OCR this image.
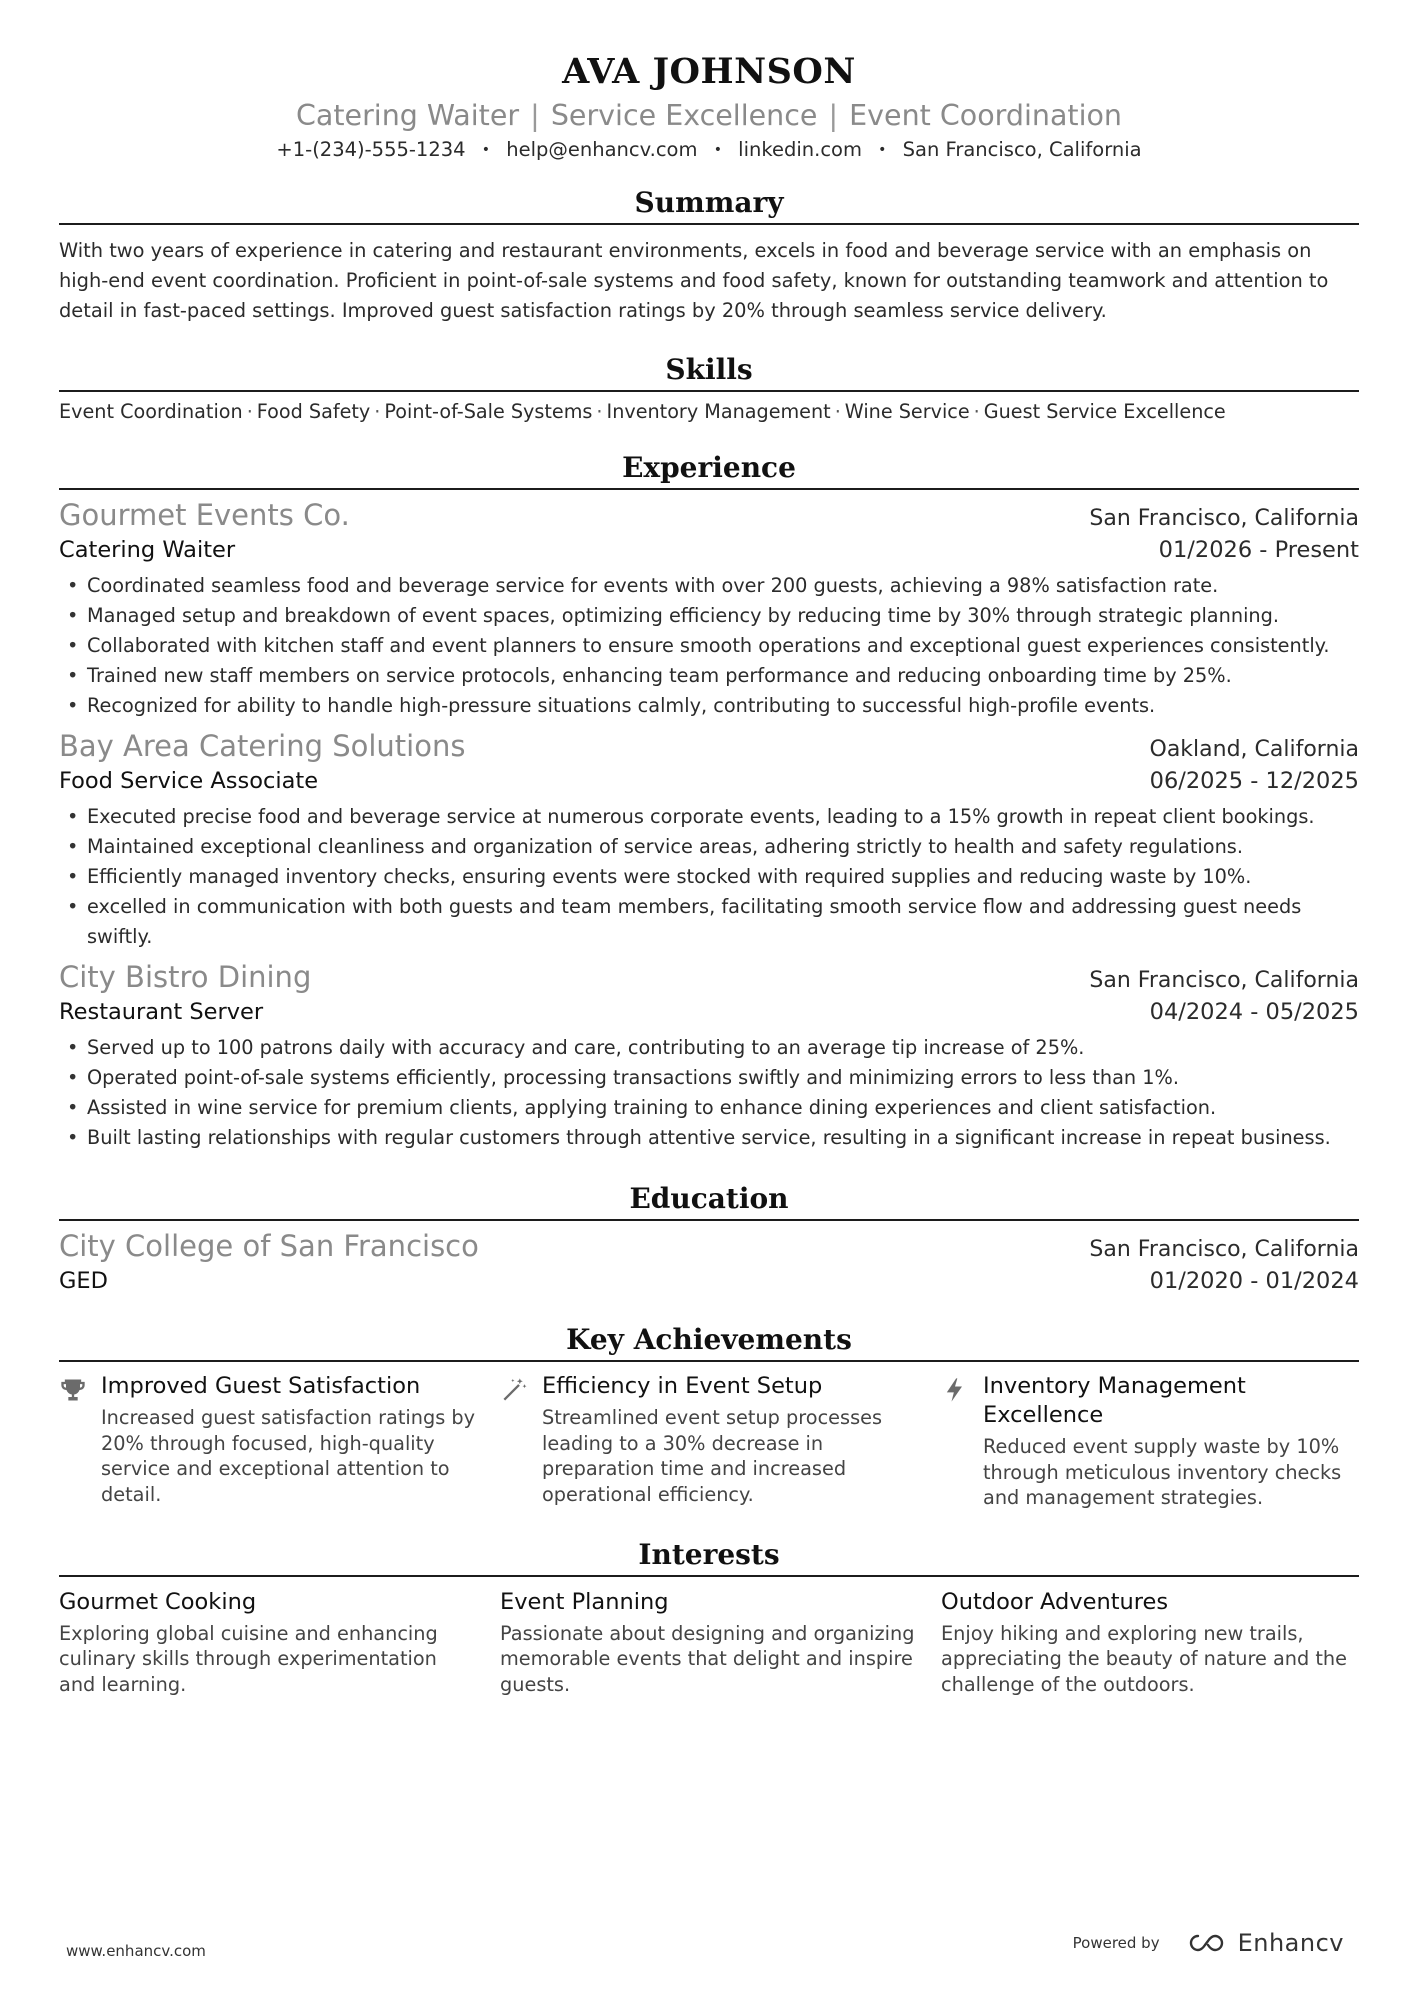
AVA JOHNSON
Catering Waiter | Service Excellence | Event Coordination
+1-(234)-555-1234 • help@enhancv.com • linkedin.com • San Francisco, California
Summary
With two years of experience in catering and restaurant environments, excels in food and beverage service with an emphasis on high-end event coordination. Proficient in point-of-sale systems and food safety, known for outstanding teamwork and attention to detail in fast-paced settings. Improved guest satisfaction ratings by 20% through seamless service delivery.
Skills
Event Coordination · Food Safety · Point-of-Sale Systems · Inventory Management · Wine Service · Guest Service Excellence
Experience
Gourmet Events Co.	San Francisco, California
Catering Waiter	01/2026 - Present
• Coordinated seamless food and beverage service for events with over 200 guests, achieving a 98% satisfaction rate.
• Managed setup and breakdown of event spaces, optimizing efficiency by reducing time by 30% through strategic planning.
• Collaborated with kitchen staff and event planners to ensure smooth operations and exceptional guest experiences consistently.
• Trained new staff members on service protocols, enhancing team performance and reducing onboarding time by 25%.
• Recognized for ability to handle high-pressure situations calmly, contributing to successful high-profile events.
Bay Area Catering Solutions	Oakland, California
Food Service Associate	06/2025 - 12/2025
• Executed precise food and beverage service at numerous corporate events, leading to a 15% growth in repeat client bookings.
• Maintained exceptional cleanliness and organization of service areas, adhering strictly to health and safety regulations.
• Efficiently managed inventory checks, ensuring events were stocked with required supplies and reducing waste by 10%.
• excelled in communication with both guests and team members, facilitating smooth service flow and addressing guest needs swiftly.
City Bistro Dining	San Francisco, California
Restaurant Server	04/2024 - 05/2025
• Served up to 100 patrons daily with accuracy and care, contributing to an average tip increase of 25%.
• Operated point-of-sale systems efficiently, processing transactions swiftly and minimizing errors to less than 1%.
• Assisted in wine service for premium clients, applying training to enhance dining experiences and client satisfaction.
• Built lasting relationships with regular customers through attentive service, resulting in a significant increase in repeat business.
Education
City College of San Francisco	San Francisco, California
GED	01/2020 - 01/2024
Key Achievements
Improved Guest Satisfaction
Increased guest satisfaction ratings by 20% through focused, high-quality service and exceptional attention to detail.
Efficiency in Event Setup
Streamlined event setup processes leading to a 30% decrease in preparation time and increased operational efficiency.
Inventory Management Excellence
Reduced event supply waste by 10% through meticulous inventory checks and management strategies.
Interests
Gourmet Cooking
Exploring global cuisine and enhancing culinary skills through experimentation and learning.
Event Planning
Passionate about designing and organizing memorable events that delight and inspire guests.
Outdoor Adventures
Enjoy hiking and exploring new trails, appreciating the beauty of nature and the challenge of the outdoors.
www.enhancv.com	Powered by	Enhancv
